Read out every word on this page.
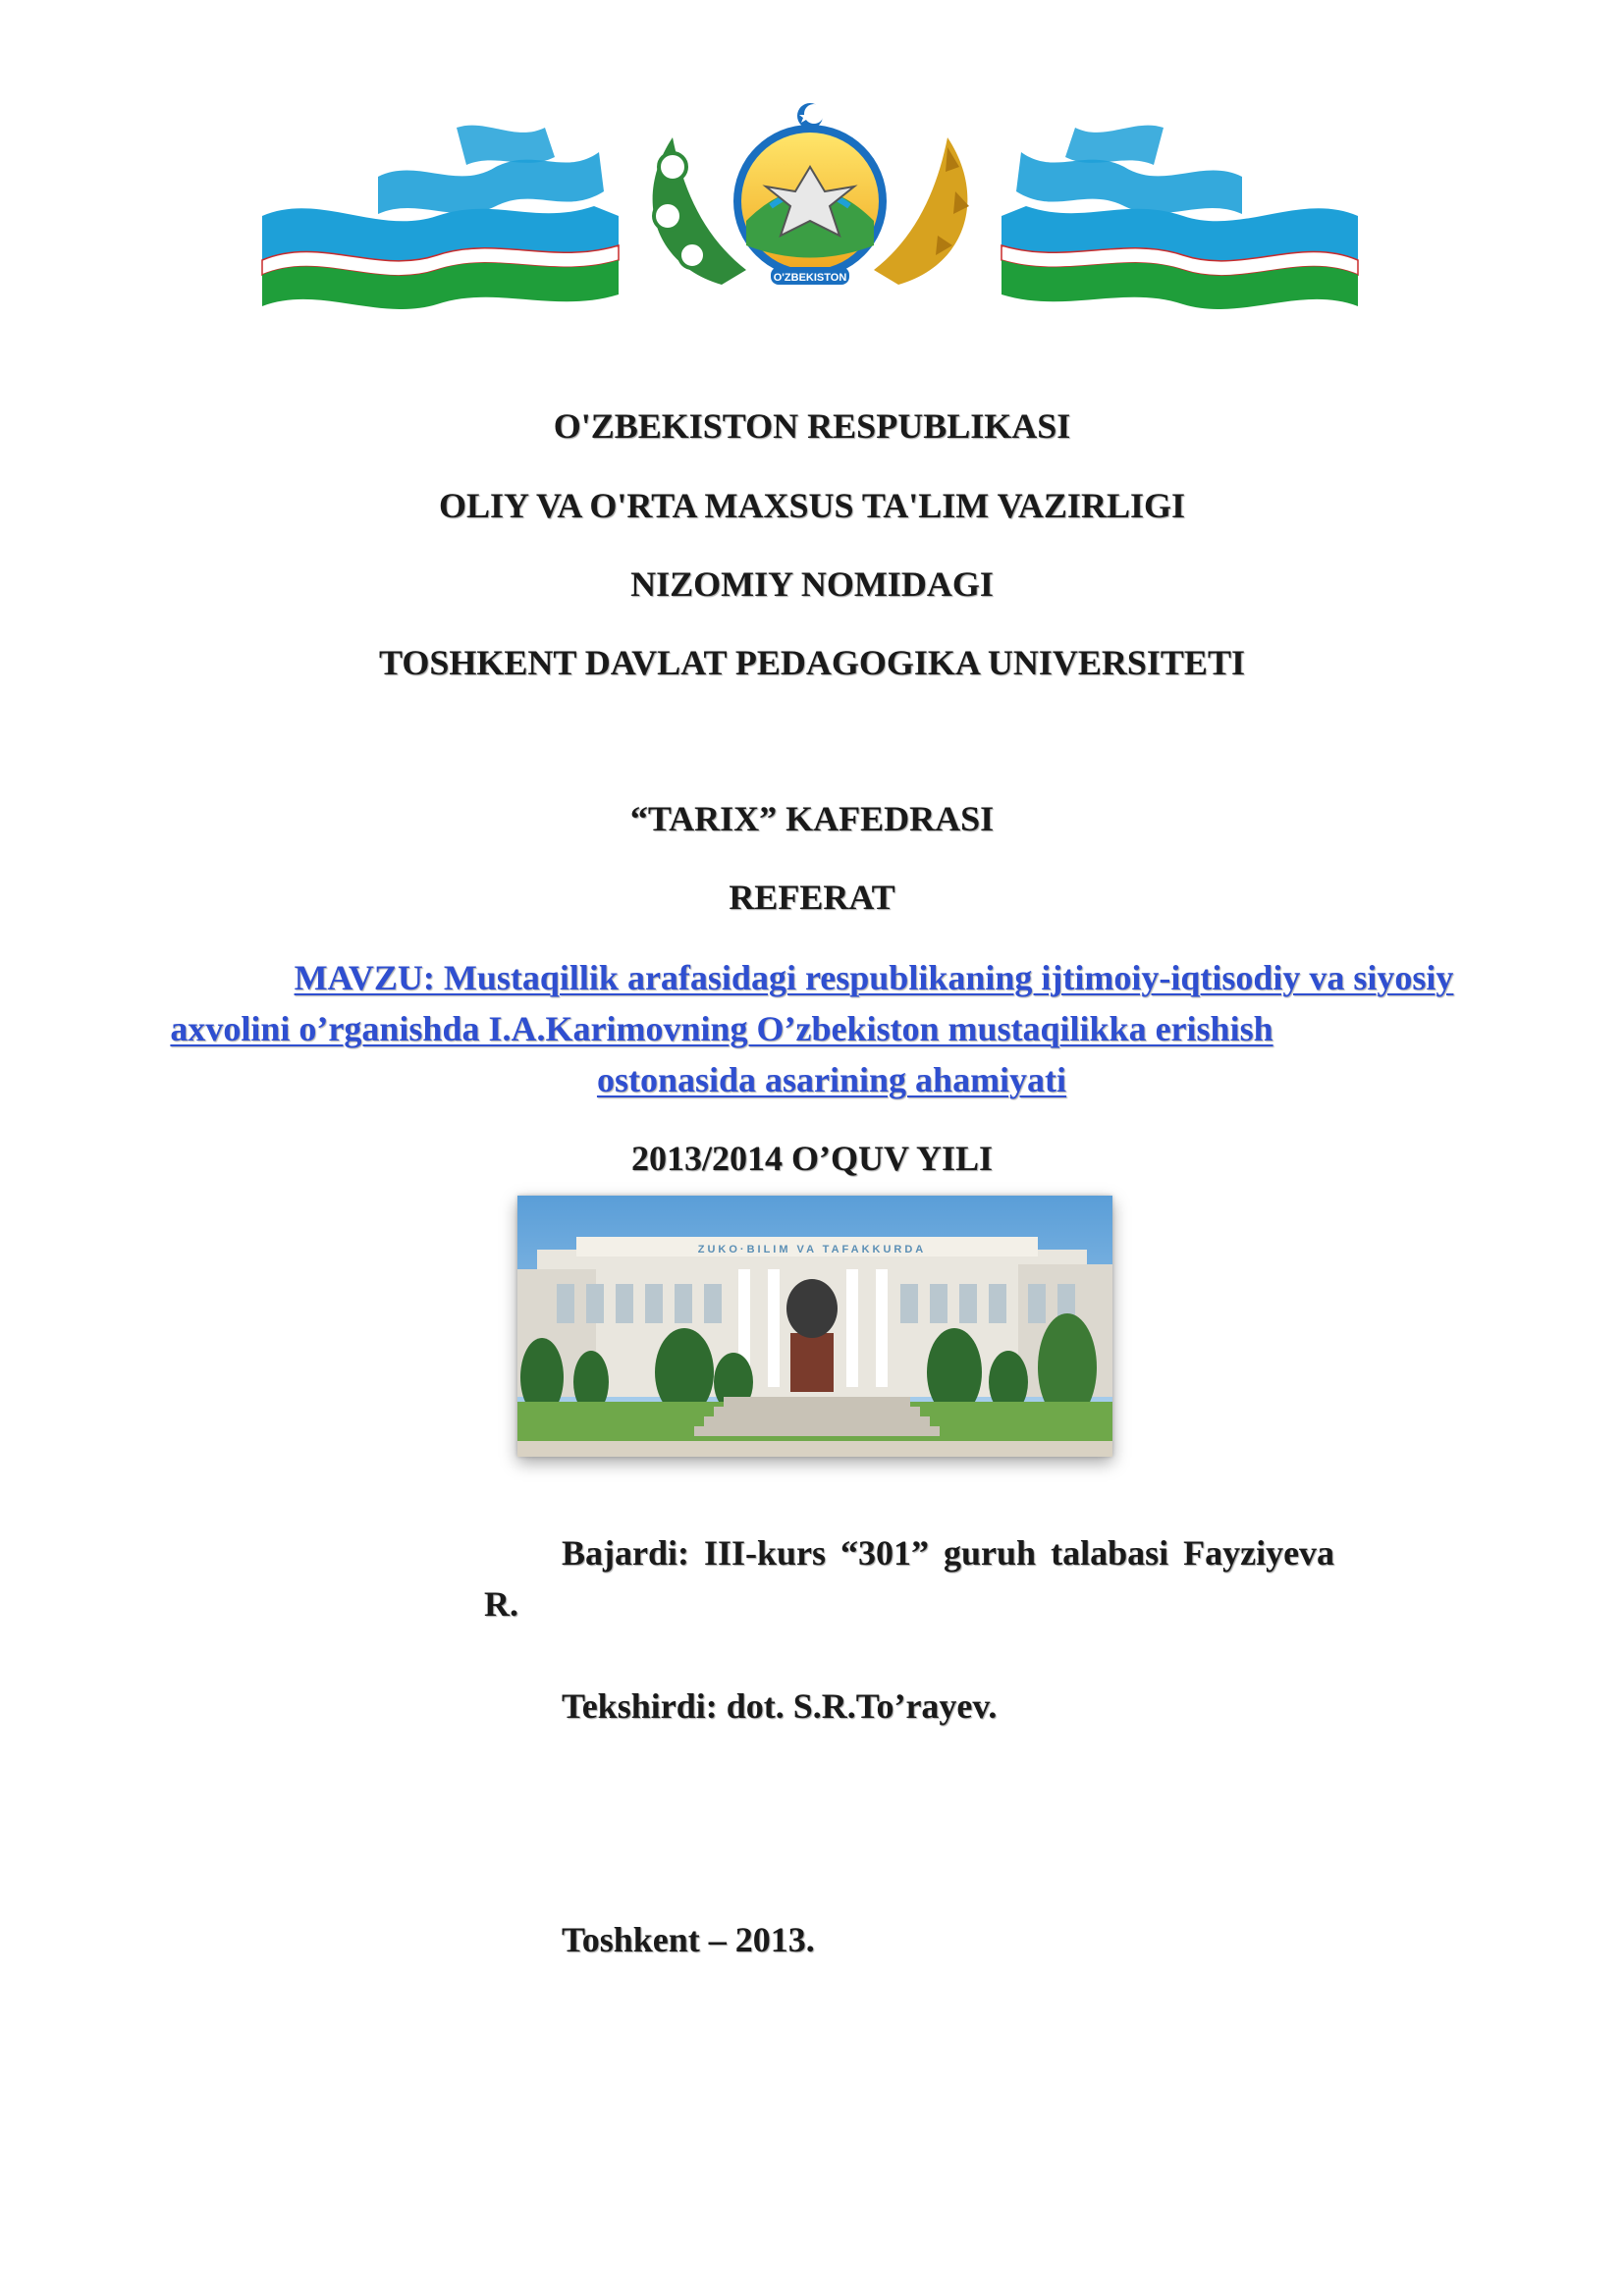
O'ZBEKISTON
O'ZBEKISTON RESPUBLIKASI
OLIY VA O'RTA MAXSUS TA'LIM VAZIRLIGI
NIZOMIY NOMIDAGI
TOSHKENT DAVLAT PEDAGOGIKA UNIVERSITETI
“TARIX” KAFEDRASI
REFERAT
MAVZU: Mustaqillik arafasidagi respublikaning ijtimoiy-iqtisodiy va siyosiy
axvolini o’rganishda I.A.Karimovning O’zbekiston mustaqilikka erishish
ostonasida asarining ahamiyati
2013/2014 O’QUV YILI
ZUKO·BILIM VA TAFAKKURDA
Bajardi: III-kurs “301” guruh talabasi Fayziyeva
R.
Tekshirdi: dot. S.R.To’rayev.
Toshkent – 2013.
